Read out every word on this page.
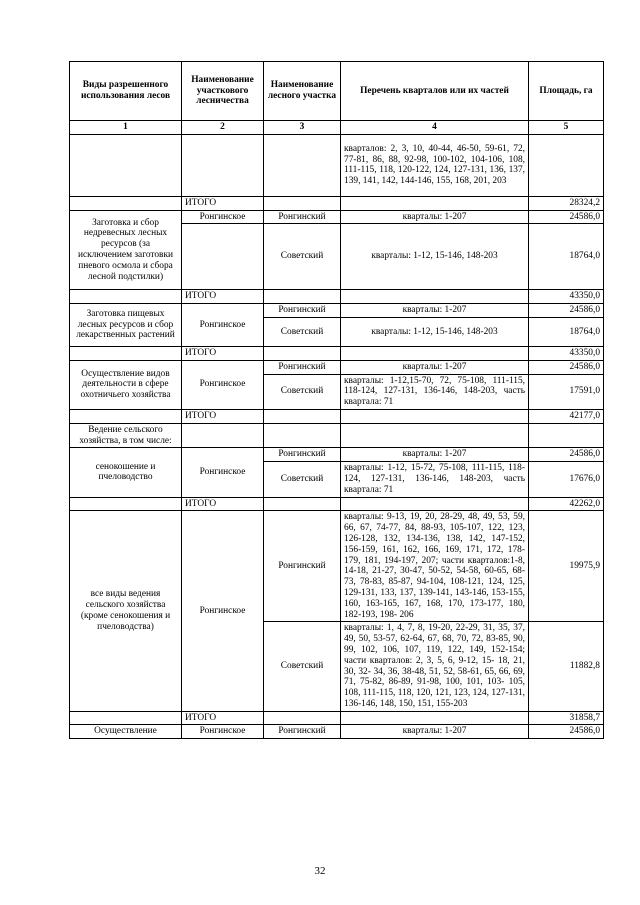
Виды разрешенного использования лесов	Наименование участкового лесничества	Наименование лесного участка	Перечень кварталов или их частей	Площадь, га
1	2	3	4	5
			кварталов: 2, 3, 10, 40-44, 46-50, 59-61, 72, 77-81, 86, 88, 92-98, 100-102, 104-106, 108, 111-115, 118, 120-122, 124, 127-131, 136, 137, 139, 141, 142, 144-146, 155, 168, 201, 203	
	ИТОГО			28324,2
Заготовка и сбор недревесных лесных ресурсов (за исключением заготовки пневого осмола и сбора лесной подстилки)	Ронгинское	Ронгинский	кварталы: 1-207	24586,0
		Советский	кварталы: 1-12, 15-146, 148-203	18764,0
	ИТОГО			43350,0
Заготовка пищевых лесных ресурсов и сбор лекарственных растений	Ронгинское	Ронгинский	кварталы: 1-207	24586,0
		Советский	кварталы: 1-12, 15-146, 148-203	18764,0
	ИТОГО			43350,0
Осуществление видов деятельности в сфере охотничьего хозяйства	Ронгинское	Ронгинский	кварталы: 1-207	24586,0
		Советский	кварталы: 1-12,15-70, 72, 75-108, 111-115, 118-124, 127-131, 136-146, 148-203, часть квартала: 71	17591,0
	ИТОГО			42177,0
Ведение сельского хозяйства, в том числе:				
сенокошение и пчеловодство	Ронгинское	Ронгинский	кварталы: 1-207	24586,0
		Советский	кварталы: 1-12, 15-72, 75-108, 111-115, 118-124, 127-131, 136-146, 148-203, часть квартала: 71	17676,0
	ИТОГО			42262,0
все виды ведения сельского хозяйства (кроме сенокошения и пчеловодства)	Ронгинское	Ронгинский	кварталы: 9-13, 19, 20, 28-29, 48, 49, 53, 59, 66, 67, 74-77, 84, 88-93, 105-107, 122, 123, 126-128, 132, 134-136, 138, 142, 147-152, 156-159, 161, 162, 166, 169, 171, 172, 178-179, 181, 194-197, 207; части кварталов:1-8, 14-18, 21-27, 30-47, 50-52, 54-58, 60-65, 68-73, 78-83, 85-87, 94-104, 108-121, 124, 125, 129-131, 133, 137, 139-141, 143-146, 153-155, 160, 163-165, 167, 168, 170, 173-177, 180, 182-193, 198- 206	19975,9
		Советский	кварталы: 1, 4, 7, 8, 19-20, 22-29, 31, 35, 37, 49, 50, 53-57, 62-64, 67, 68, 70, 72, 83-85, 90, 99, 102, 106, 107, 119, 122, 149, 152-154; части кварталов: 2, 3, 5, 6, 9-12, 15- 18, 21, 30, 32- 34, 36, 38-48, 51, 52, 58-61, 65, 66, 69, 71, 75-82, 86-89, 91-98, 100, 101, 103- 105, 108, 111-115, 118, 120, 121, 123, 124, 127-131, 136-146, 148, 150, 151, 155-203	11882,8
	ИТОГО			31858,7
Осуществление	Ронгинское	Ронгинский	кварталы: 1-207	24586,0
32
